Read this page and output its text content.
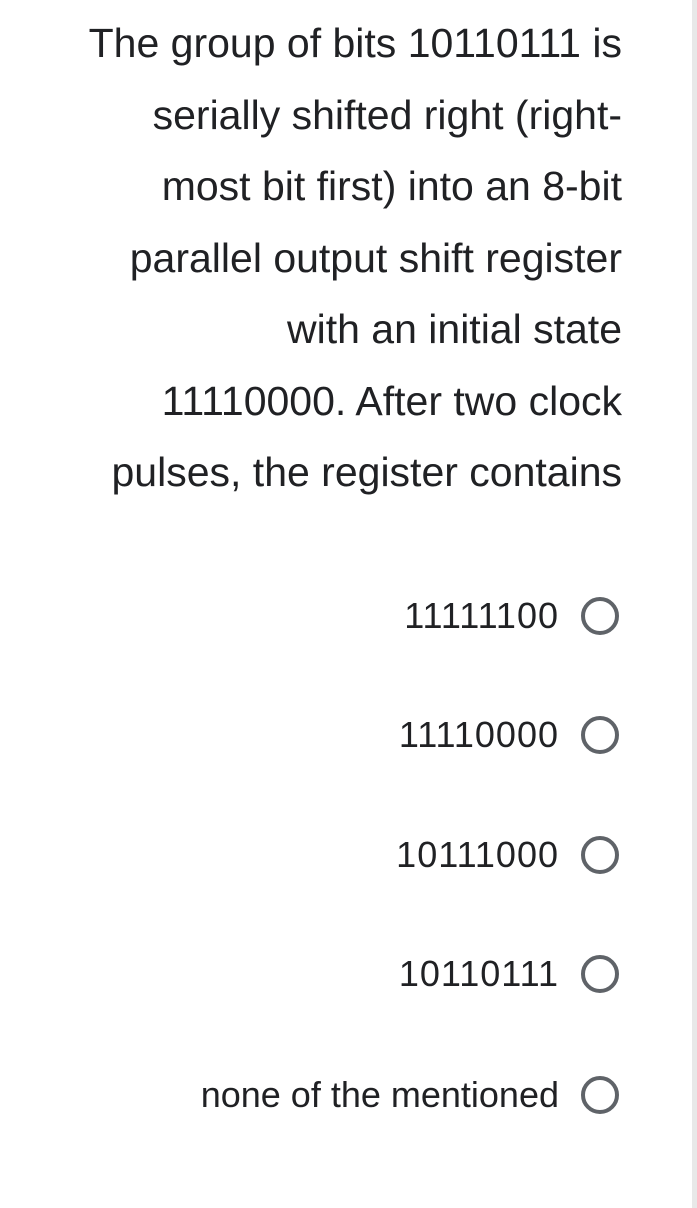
The group of bits 10110111 is
serially shifted right (right-
most bit first) into an 8-bit
parallel output shift register
with an initial state
11110000. After two clock
pulses, the register contains
11111100
11110000
10111000
10110111
none of the mentioned
